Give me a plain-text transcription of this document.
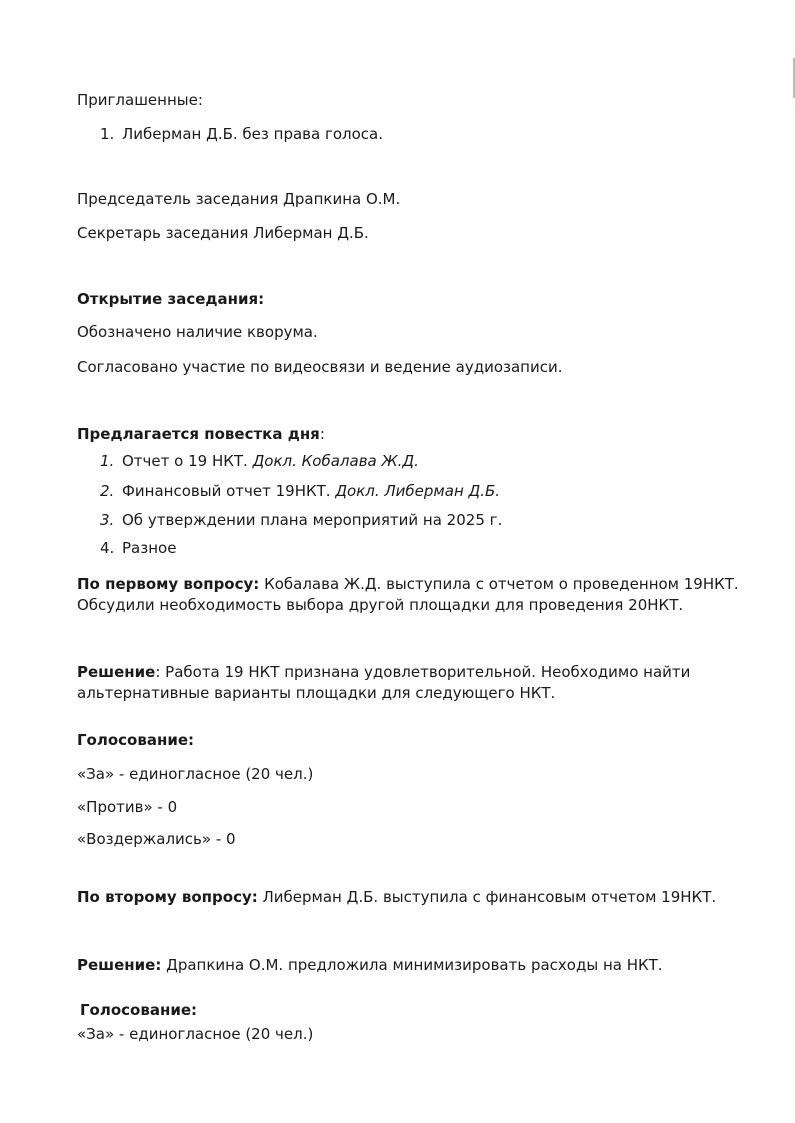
Приглашенные:
1. Либерман Д.Б. без права голоса.
Председатель заседания Драпкина О.М.
Секретарь заседания Либерман Д.Б.
Открытие заседания:
Обозначено наличие кворума.
Согласовано участие по видеосвязи и ведение аудиозаписи.
Предлагается повестка дня:
1. Отчет о 19 НКТ. Докл. Кобалава Ж.Д.
2. Финансовый отчет 19НКТ. Докл. Либерман Д.Б.
3. Об утверждении плана мероприятий на 2025 г.
4. Разное
По первому вопросу: Кобалава Ж.Д. выступила с отчетом о проведенном 19НКТ. Обсудили необходимость выбора другой площадки для проведения 20НКТ.
Решение: Работа 19 НКТ признана удовлетворительной. Необходимо найти альтернативные варианты площадки для следующего НКТ.
Голосование:
«За» - единогласное (20 чел.)
«Против» - 0
«Воздержались» - 0
По второму вопросу: Либерман Д.Б. выступила с финансовым отчетом 19НКТ.
Решение: Драпкина О.М. предложила минимизировать расходы на НКТ.
Голосование:
«За» - единогласное (20 чел.)
